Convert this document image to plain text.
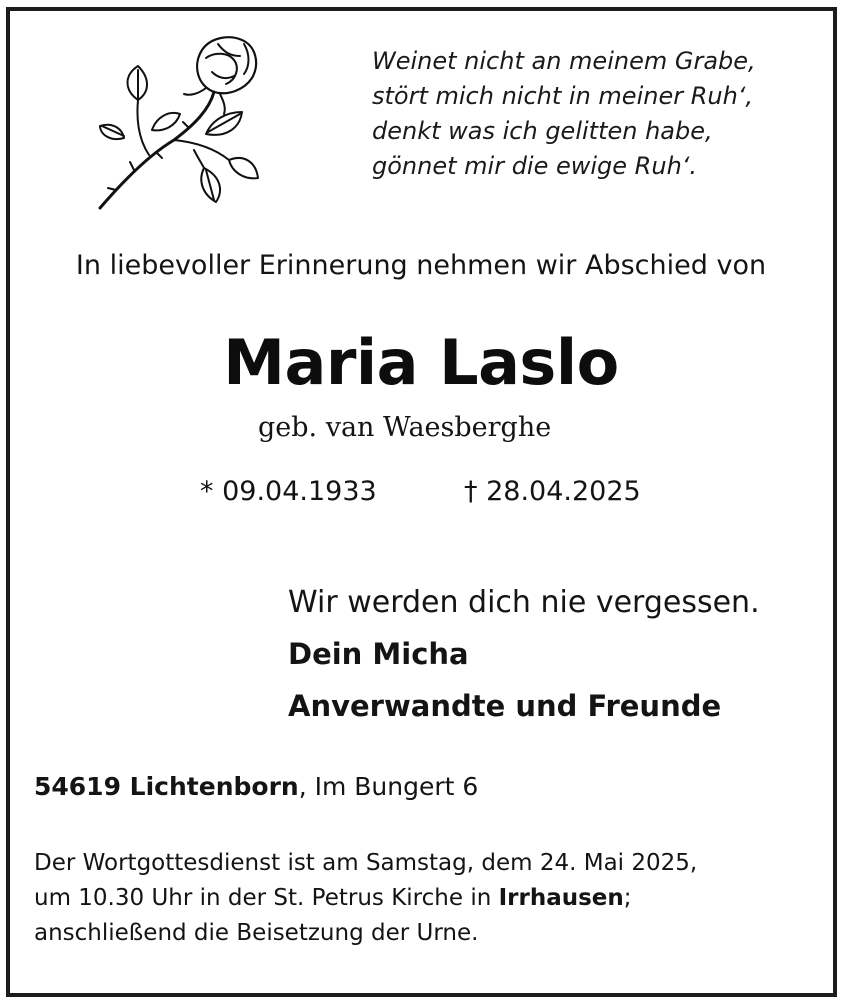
Weinet nicht an meinem Grabe,
stört mich nicht in meiner Ruh‘,
denkt was ich gelitten habe,
gönnet mir die ewige Ruh‘.
In liebevoller Erinnerung nehmen wir Abschied von
Maria Laslo
geb. van Waesberghe
* 09.04.1933	† 28.04.2025
Wir werden dich nie vergessen.
Dein Micha
Anverwandte und Freunde
54619 Lichtenborn, Im Bungert 6
Der Wortgottesdienst ist am Samstag, dem 24. Mai 2025,
um 10.30 Uhr in der St. Petrus Kirche in Irrhausen;
anschließend die Beisetzung der Urne.
